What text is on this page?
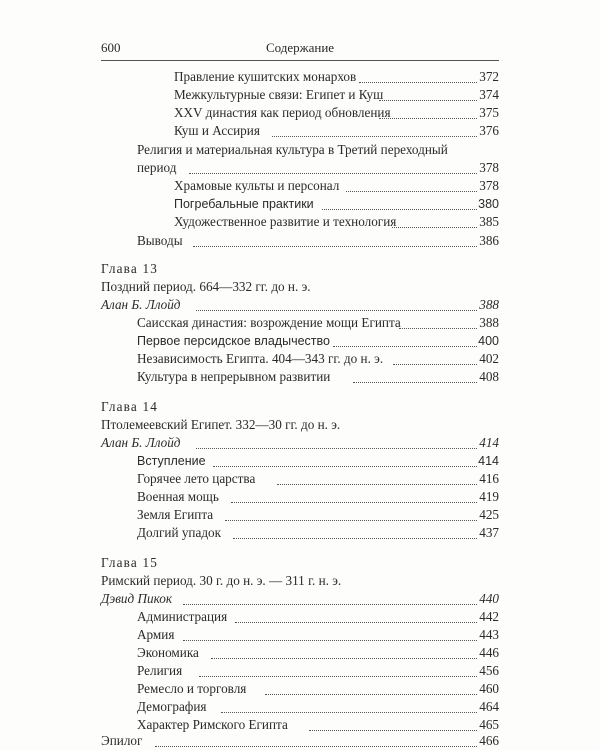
600	Содержание
Правление кушитских монархов	372
Межкультурные связи: Египет и Куш	374
XXV династия как период обновления	375
Куш и Ассирия	376
Религия и материальная культура в Третий переходный
период	378
Храмовые культы и персонал	378
Погребальные практики	380
Художественное развитие и технология	385
Выводы	386
Глава 13
Поздний период. 664—332 гг. до н. э.
Алан Б. Ллойд	388
Саисская династия: возрождение мощи Египта	388
Первое персидское владычество	400
Независимость Египта. 404—343 гг. до н. э.	402
Культура в непрерывном развитии	408
Глава 14
Птолемеевский Египет. 332—30 гг. до н. э.
Алан Б. Ллойд	414
Вступление	414
Горячее лето царства	416
Военная мощь	419
Земля Египта	425
Долгий упадок	437
Глава 15
Римский период. 30 г. до н. э. — 311 г. н. э.
Дэвид Пикок	440
Администрация	442
Армия	443
Экономика	446
Религия	456
Ремесло и торговля	460
Демография	464
Характер Римского Египта	465
Эпилог	466
